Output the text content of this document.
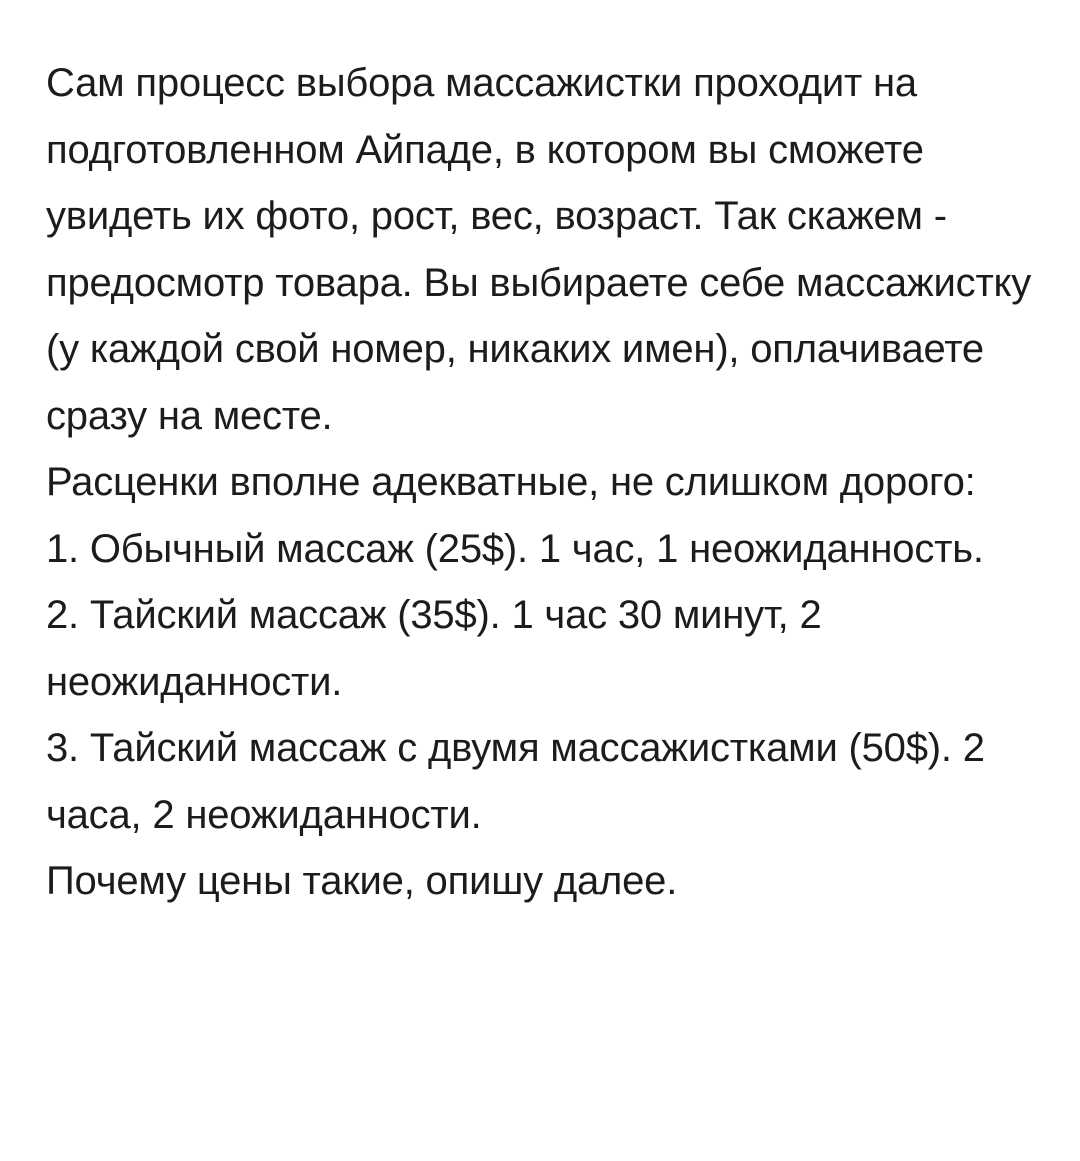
Сам процесс выбора массажистки проходит на подготовленном Айпаде, в котором вы сможете увидеть их фото, рост, вес, возраст. Так скажем - предосмотр товара. Вы выбираете себе массажистку (у каждой свой номер, никаких имен), оплачиваете сразу на месте.

Расценки вполне адекватные, не слишком дорого:

1. Обычный массаж (25$). 1 час, 1 неожиданность.

2. Тайский массаж (35$). 1 час 30 минут, 2 неожиданности.

3. Тайский массаж с двумя массажистками (50$). 2 часа, 2 неожиданности.

Почему цены такие, опишу далее.
